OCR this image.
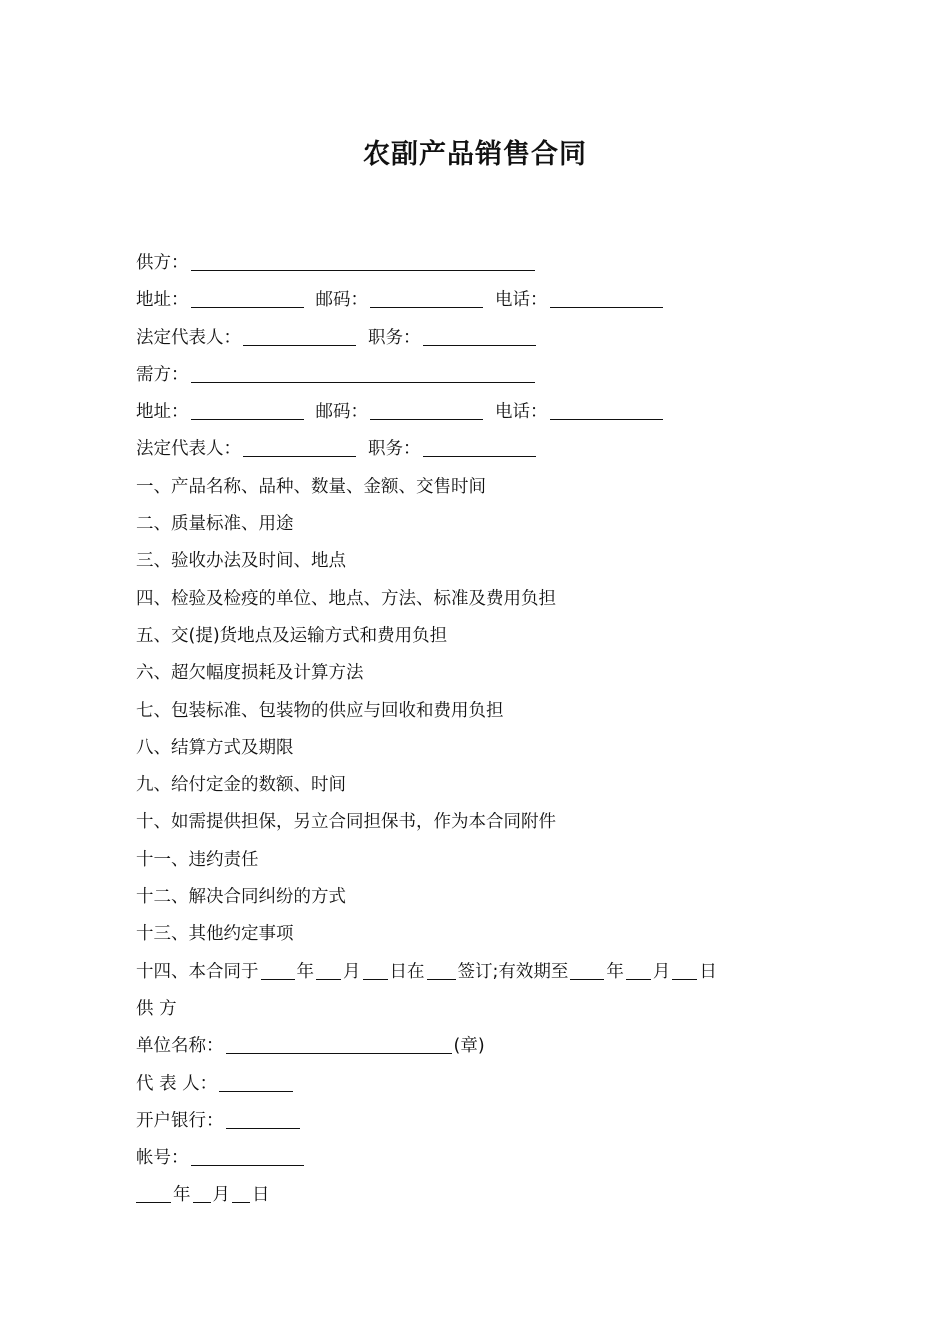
农副产品销售合同
供方：
地址：	邮码：	电话：
法定代表人：	职务：
需方：
地址：	邮码：	电话：
法定代表人：	职务：
一、产品名称、品种、数量、金额、交售时间
二、质量标准、用途
三、验收办法及时间、地点
四、检验及检疫的单位、地点、方法、标准及费用负担
五、交(提)货地点及运输方式和费用负担
六、超欠幅度损耗及计算方法
七、包装标准、包装物的供应与回收和费用负担
八、结算方式及期限
九、给付定金的数额、时间
十、如需提供担保，另立合同担保书，作为本合同附件
十一、违约责任
十二、解决合同纠纷的方式
十三、其他约定事项
十四、本合同于 年 月 日在 签订;有效期至 年 月 日
供 方
单位名称：	(章)
代 表 人：
开户银行：
帐号：
年 月 日
